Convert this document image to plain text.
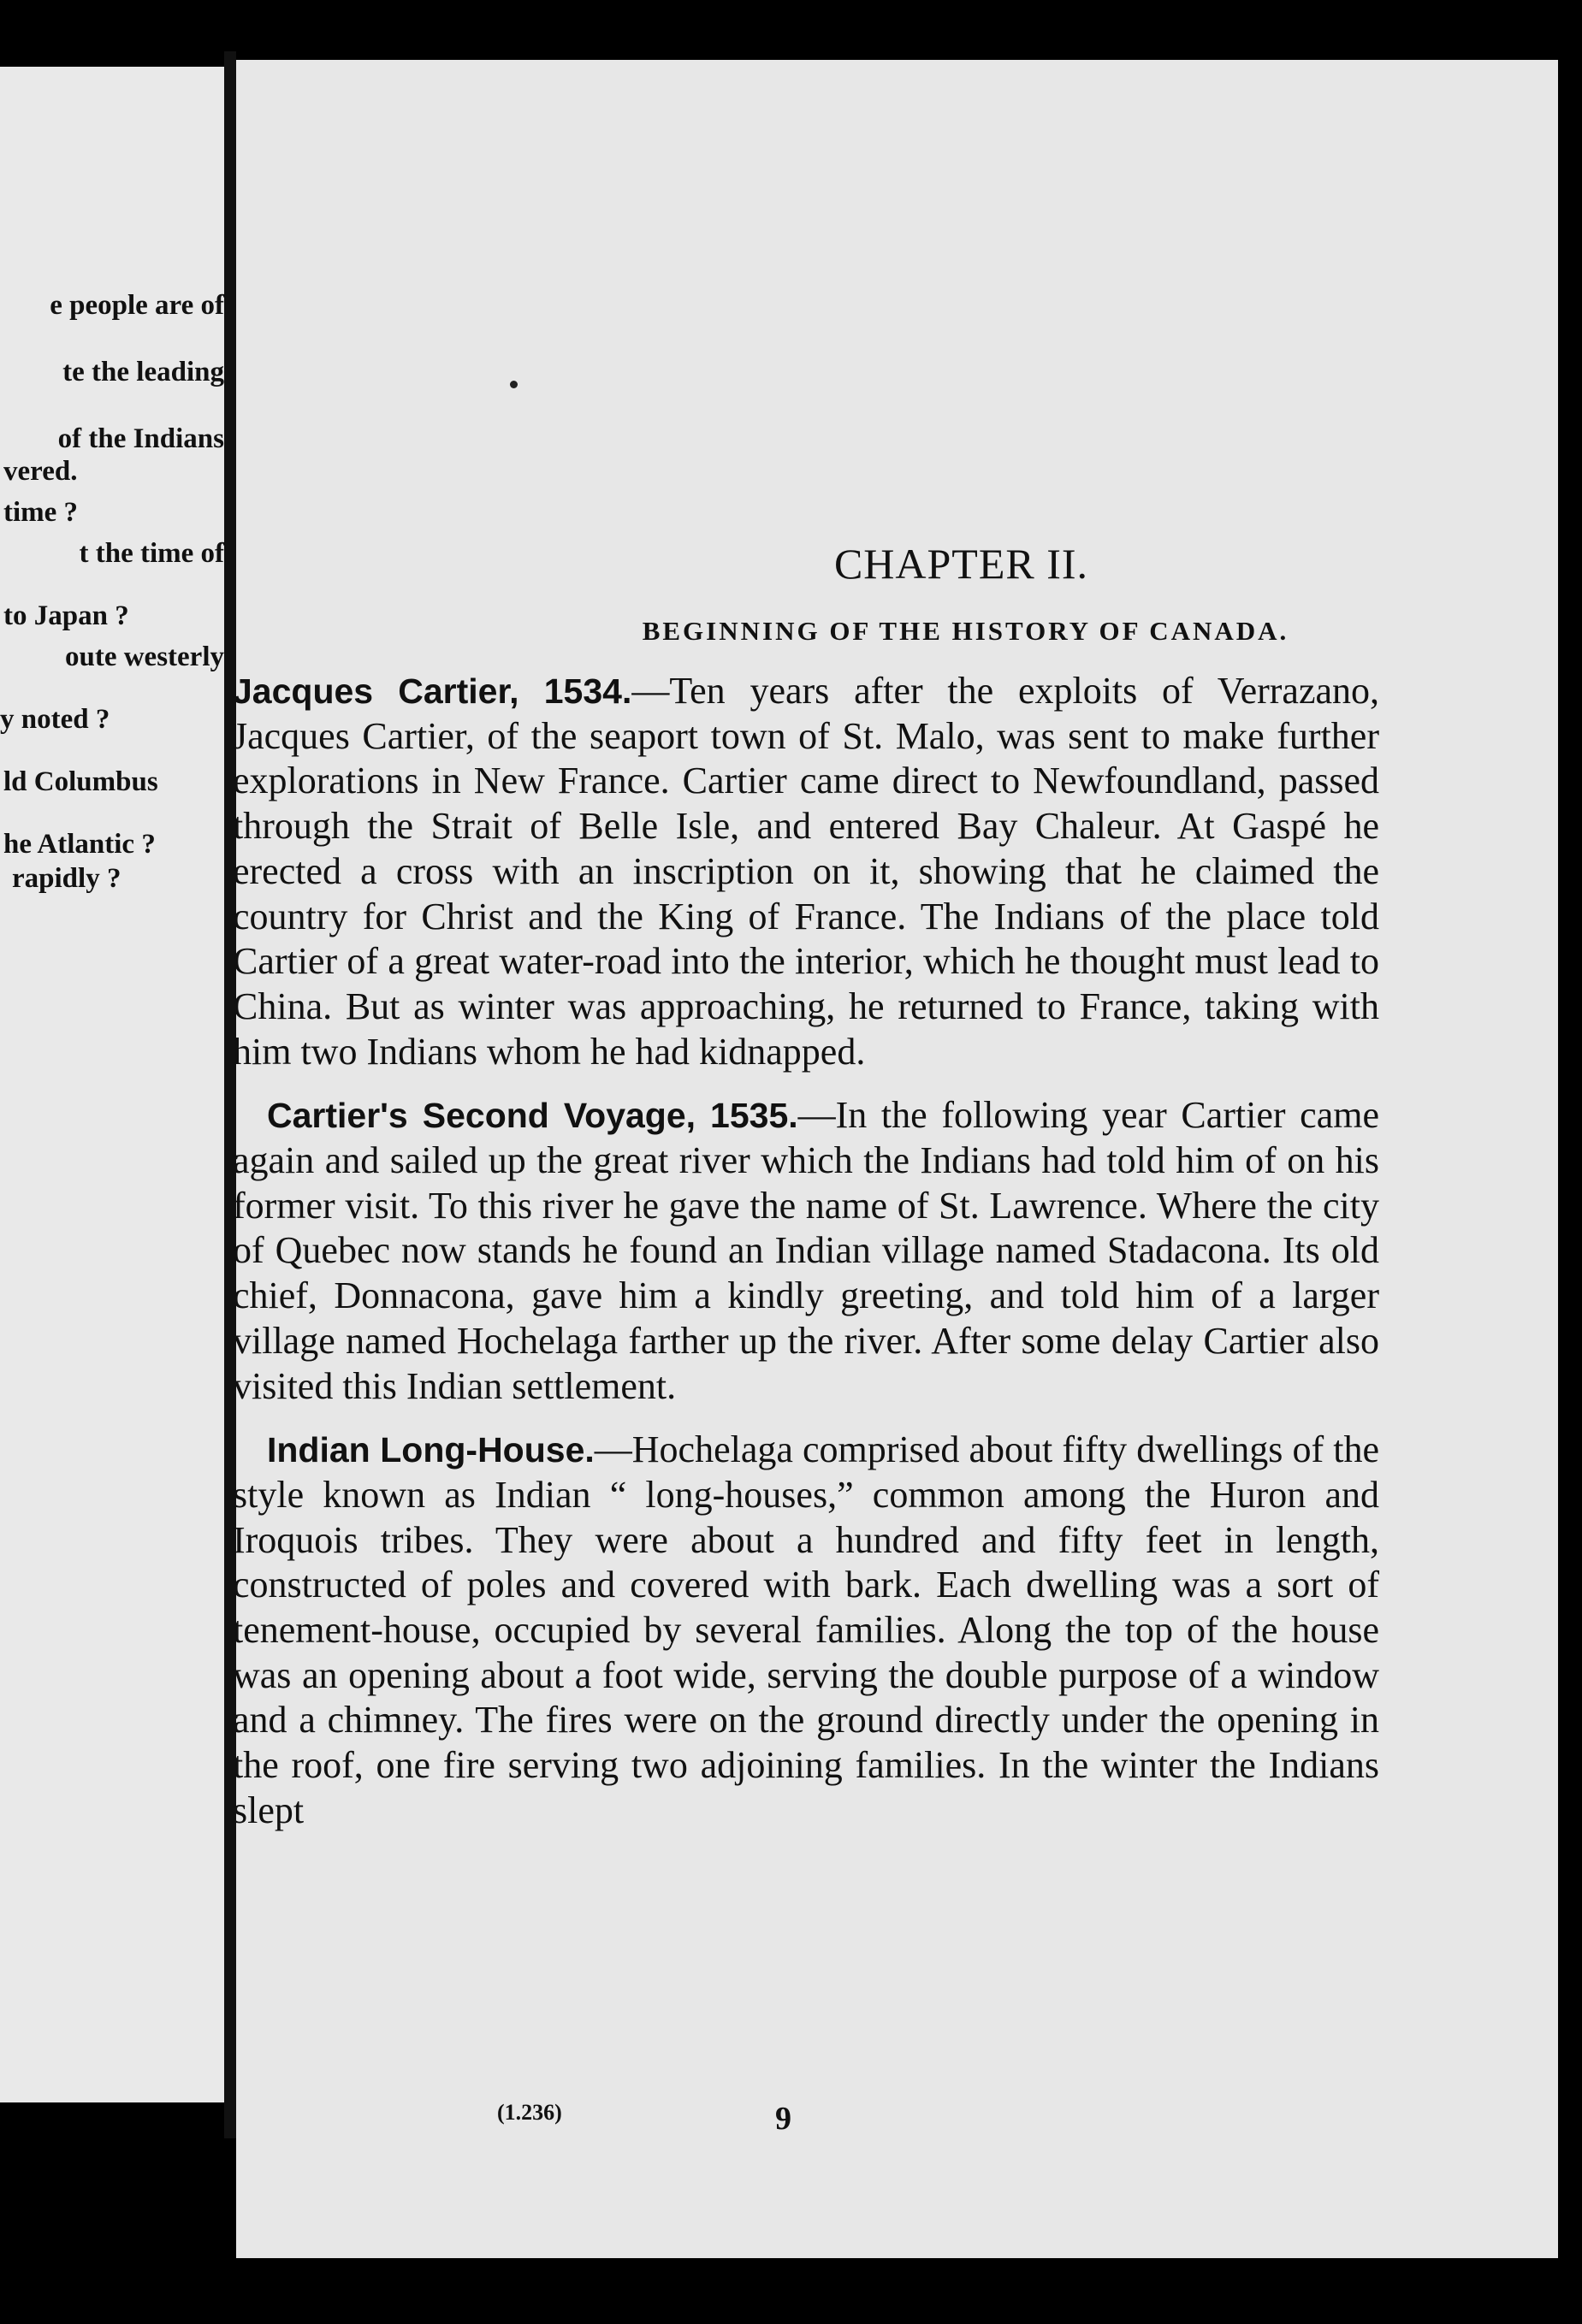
e people are of
te the leading
of the Indians
vered.
time ?
t the time of
to Japan ?
oute westerly
y noted ?
ld Columbus
he Atlantic ?
rapidly ?
CHAPTER II.
BEGINNING OF THE HISTORY OF CANADA.

Jacques Cartier, 1534.—Ten years after the exploits of Verrazano, Jacques Cartier, of the seaport town of St. Malo, was sent to make further explorations in New France. Cartier came direct to Newfoundland, passed through the Strait of Belle Isle, and entered Bay Chaleur. At Gaspé he erected a cross with an inscription on it, showing that he claimed the country for Christ and the King of France. The Indians of the place told Cartier of a great water-road into the interior, which he thought must lead to China. But as winter was approaching, he returned to France, taking with him two Indians whom he had kidnapped.

Cartier's Second Voyage, 1535.—In the following year Cartier came again and sailed up the great river which the Indians had told him of on his former visit. To this river he gave the name of St. Lawrence. Where the city of Quebec now stands he found an Indian village named Stadacona. Its old chief, Donnacona, gave him a kindly greeting, and told him of a larger village named Hochelaga farther up the river. After some delay Cartier also visited this Indian settlement.

Indian Long-House.—Hochelaga comprised about fifty dwellings of the style known as Indian “ long-houses,” common among the Huron and Iroquois tribes. They were about a hundred and fifty feet in length, constructed of poles and covered with bark. Each dwelling was a sort of tenement-house, occupied by several families. Along the top of the house was an opening about a foot wide, serving the double purpose of a window and a chimney. The fires were on the ground directly under the opening in the roof, one fire serving two adjoining families. In the winter the Indians slept

(1.236)	9
